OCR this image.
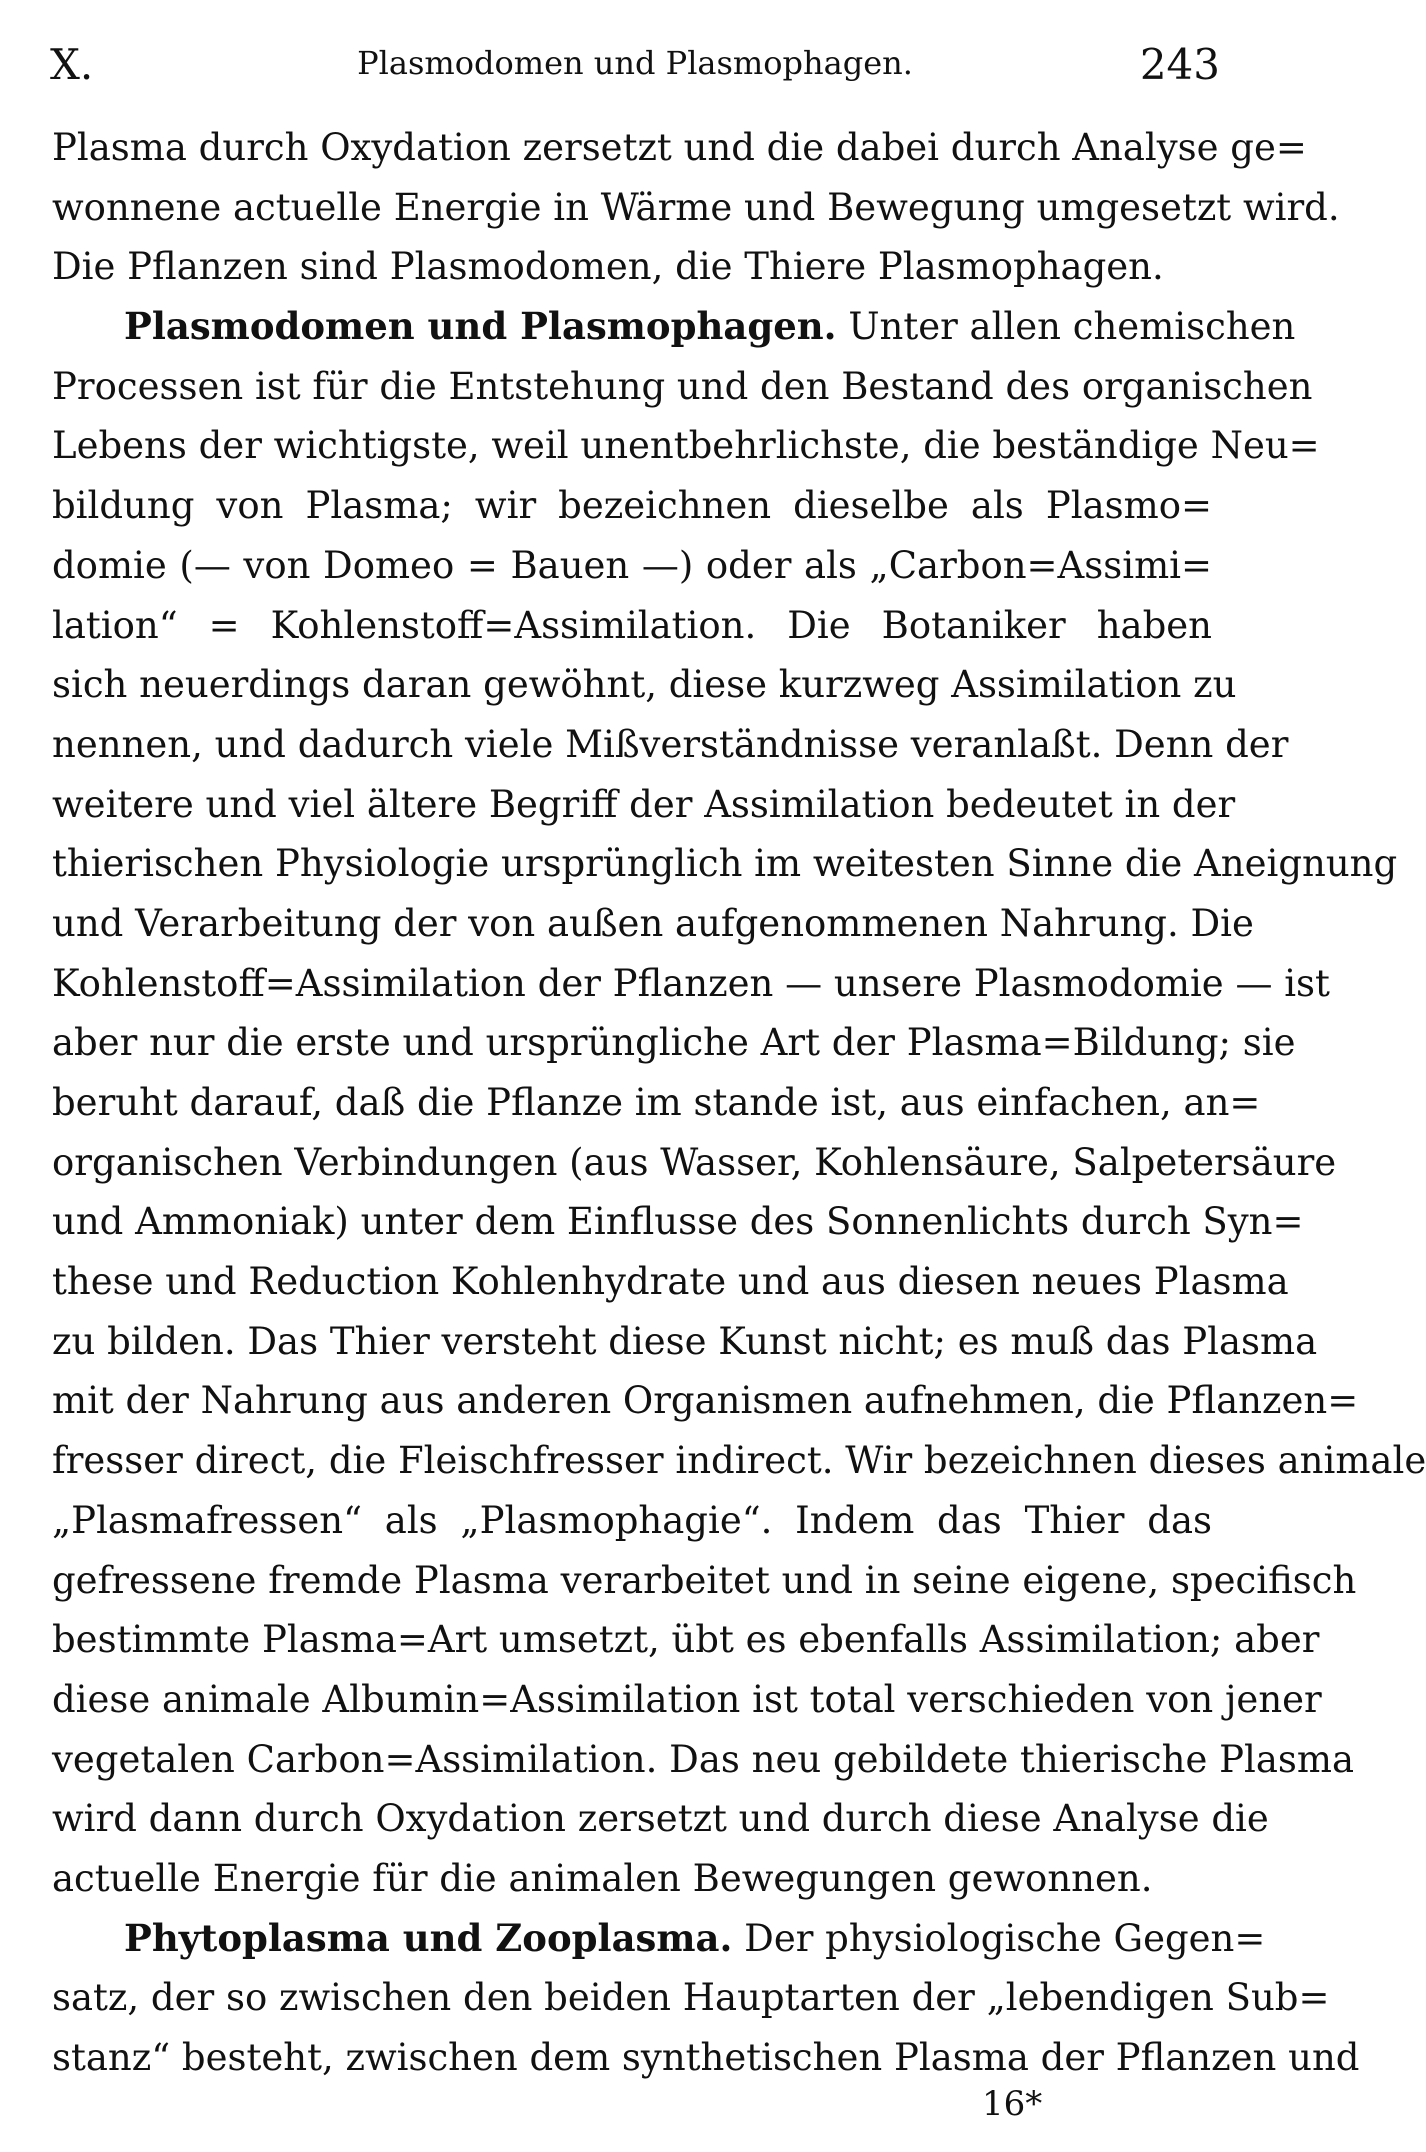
X.	Plasmodomen und Plasmophagen.	243
Plasma durch Oxydation zersetzt und die dabei durch Analyse ge=
wonnene actuelle Energie in Wärme und Bewegung umgesetzt wird.
Die Pflanzen sind Plasmodomen, die Thiere Plasmophagen.
Plasmodomen und Plasmophagen. Unter allen chemischen
Processen ist für die Entstehung und den Bestand des organischen
Lebens der wichtigste, weil unentbehrlichste, die beständige Neu=
bildung von Plasma; wir bezeichnen dieselbe als Plasmo=
domie (— von Domeo = Bauen —) oder als „Carbon=Assimi=
lation“ = Kohlenstoff=Assimilation. Die Botaniker haben
sich neuerdings daran gewöhnt, diese kurzweg Assimilation zu
nennen, und dadurch viele Mißverständnisse veranlaßt. Denn der
weitere und viel ältere Begriff der Assimilation bedeutet in der
thierischen Physiologie ursprünglich im weitesten Sinne die Aneignung
und Verarbeitung der von außen aufgenommenen Nahrung. Die
Kohlenstoff=Assimilation der Pflanzen — unsere Plasmodomie — ist
aber nur die erste und ursprüngliche Art der Plasma=Bildung; sie
beruht darauf, daß die Pflanze im stande ist, aus einfachen, an=
organischen Verbindungen (aus Wasser, Kohlensäure, Salpetersäure
und Ammoniak) unter dem Einflusse des Sonnenlichts durch Syn=
these und Reduction Kohlenhydrate und aus diesen neues Plasma
zu bilden. Das Thier versteht diese Kunst nicht; es muß das Plasma
mit der Nahrung aus anderen Organismen aufnehmen, die Pflanzen=
fresser direct, die Fleischfresser indirect. Wir bezeichnen dieses animale
„Plasmafressen“ als „Plasmophagie“. Indem das Thier das
gefressene fremde Plasma verarbeitet und in seine eigene, specifisch
bestimmte Plasma=Art umsetzt, übt es ebenfalls Assimilation; aber
diese animale Albumin=Assimilation ist total verschieden von jener
vegetalen Carbon=Assimilation. Das neu gebildete thierische Plasma
wird dann durch Oxydation zersetzt und durch diese Analyse die
actuelle Energie für die animalen Bewegungen gewonnen.
Phytoplasma und Zooplasma. Der physiologische Gegen=
satz, der so zwischen den beiden Hauptarten der „lebendigen Sub=
stanz“ besteht, zwischen dem synthetischen Plasma der Pflanzen und
16*
